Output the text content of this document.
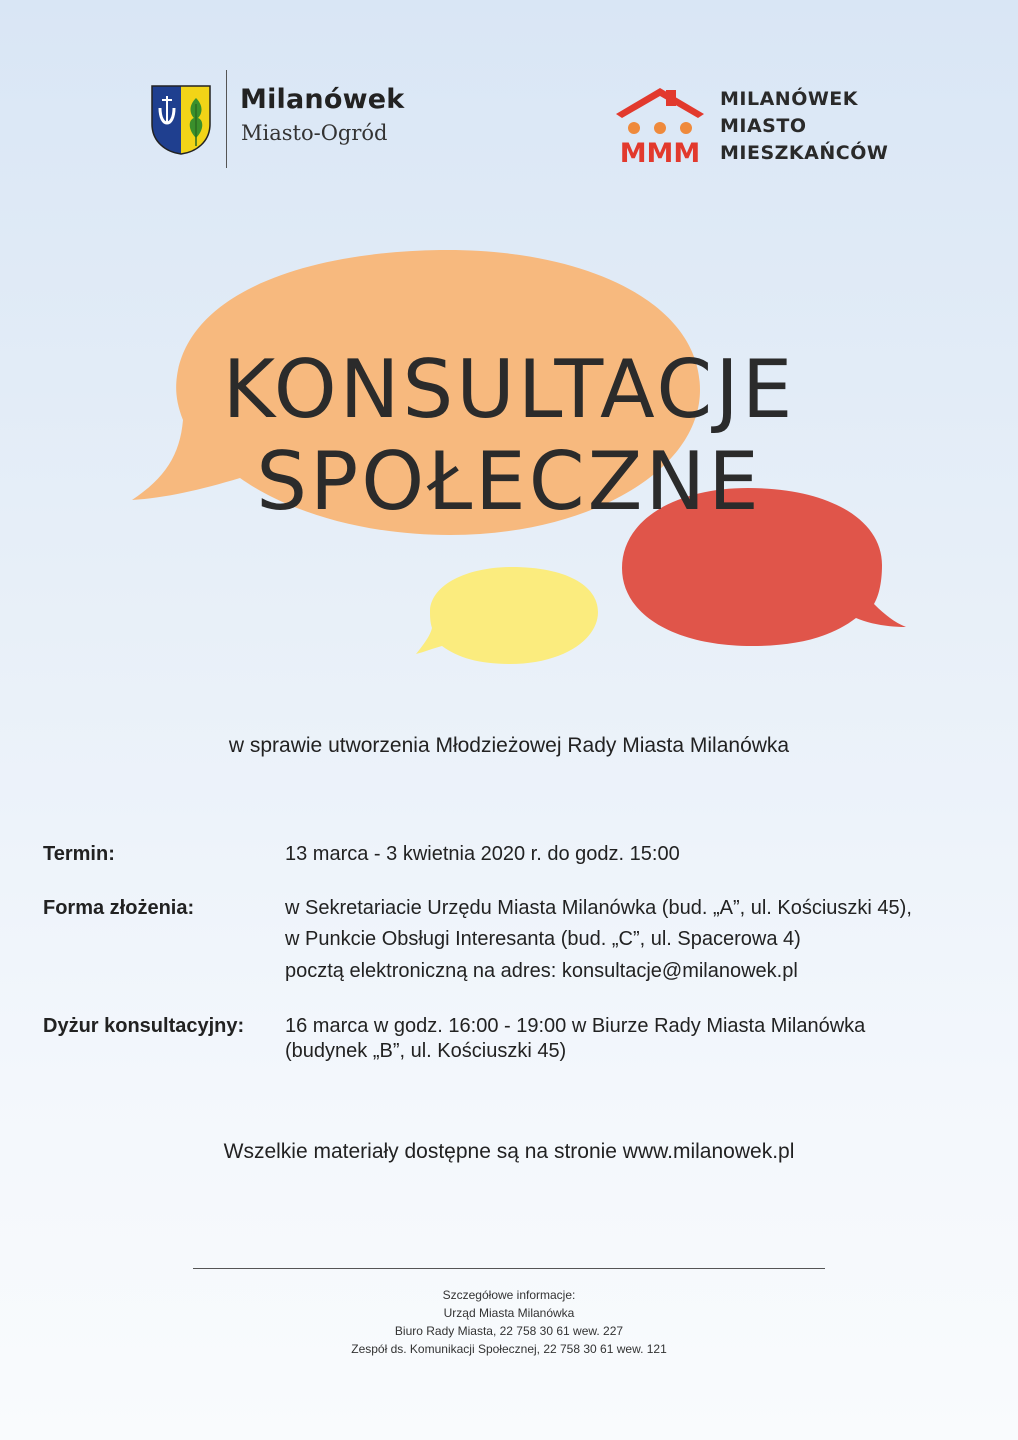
Milanówek
Miasto-Ogród
MMM
MILANÓWEK
MIASTO
MIESZKAŃCÓW
KONSULTACJE
SPOŁECZNE
w sprawie utworzenia Młodzieżowej Rady Miasta Milanówka
Termin:	13 marca - 3 kwietnia 2020 r. do godz. 15:00
Forma złożenia:	w Sekretariacie Urzędu Miasta Milanówka (bud. „A”, ul. Kościuszki 45),
w Punkcie Obsługi Interesanta (bud. „C”, ul. Spacerowa 4)
pocztą elektroniczną na adres: konsultacje@milanowek.pl
Dyżur konsultacyjny: 16 marca w godz. 16:00 - 19:00 w Biurze Rady Miasta Milanówka
(budynek „B”, ul. Kościuszki 45)
Wszelkie materiały dostępne są na stronie www.milanowek.pl
Szczegółowe informacje:
Urząd Miasta Milanówka
Biuro Rady Miasta, 22 758 30 61 wew. 227
Zespół ds. Komunikacji Społecznej, 22 758 30 61 wew. 121
